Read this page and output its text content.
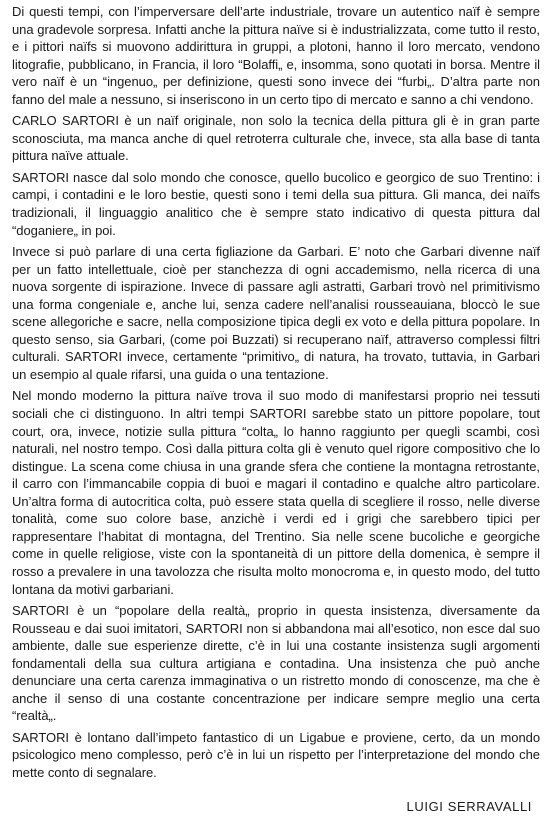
Di questi tempi, con l’imperversare dell’arte industriale, trovare un autentico naïf è sempre una gradevole sorpresa. Infatti anche la pittura naïve si è industrializzata, come tutto il resto, e i pittori naïfs si muovono addirittura in gruppi, a plotoni, hanno il loro mercato, vendono litografie, pubblicano, in Francia, il loro “Bolaffi„ e, insomma, sono quotati in borsa. Mentre il vero naïf è un “ingenuo„ per definizione, questi sono invece dei “furbi„. D’altra parte non fanno del male a nessuno, si inseriscono in un certo tipo di mercato e sanno a chi vendono.

CARLO SARTORI è un naïf originale, non solo la tecnica della pittura gli è in gran parte sconosciuta, ma manca anche di quel retroterra culturale che, invece, sta alla base di tanta pittura naïve attuale.

SARTORI nasce dal solo mondo che conosce, quello bucolico e georgico de suo Trentino: i campi, i contadini e le loro bestie, questi sono i temi della sua pittura. Gli manca, dei naïfs tradizionali, il linguaggio analitico che è sempre stato indicativo di questa pittura dal “doganiere„ in poi.

Invece si può parlare di una certa figliazione da Garbari. E’ noto che Garbari divenne naïf per un fatto intellettuale, cioè per stanchezza di ogni accademismo, nella ricerca di una nuova sorgente di ispirazione. Invece di passare agli astratti, Garbari trovò nel primitivismo una forma congeniale e, anche lui, senza cadere nell’analisi rousseauiana, bloccò le sue scene allegoriche e sacre, nella composizione tipica degli ex voto e della pittura popolare. In questo senso, sia Garbari, (come poi Buzzati) si recuperano naïf, attraverso complessi filtri culturali. SARTORI invece, certamente “primitivo„ di natura, ha trovato, tuttavia, in Garbari un esempio al quale rifarsi, una guida o una tentazione.

Nel mondo moderno la pittura naïve trova il suo modo di manifestarsi proprio nei tessuti sociali che ci distinguono. In altri tempi SARTORI sarebbe stato un pittore popolare, tout court, ora, invece, notizie sulla pittura “colta„ lo hanno raggiunto per quegli scambi, così naturali, nel nostro tempo. Così dalla pittura colta gli è venuto quel rigore compositivo che lo distingue. La scena come chiusa in una grande sfera che contiene la montagna retrostante, il carro con l’immancabile coppia di buoi e magari il contadino e qualche altro particolare. Un’altra forma di autocritica colta, può essere stata quella di scegliere il rosso, nelle diverse tonalità, come suo colore base, anzichè i verdi ed i grigi che sarebbero tipici per rappresentare l’habitat di montagna, del Trentino. Sia nelle scene bucoliche e georgiche come in quelle religiose, viste con la spontaneità di un pittore della domenica, è sempre il rosso a prevalere in una tavolozza che risulta molto monocroma e, in questo modo, del tutto lontana da motivi garbariani.

SARTORI è un “popolare della realtà„ proprio in questa insistenza, diversamente da Rousseau e dai suoi imitatori, SARTORI non si abbandona mai all’esotico, non esce dal suo ambiente, dalle sue esperienze dirette, c’è in lui una costante insistenza sugli argomenti fondamentali della sua cultura artigiana e contadina. Una insistenza che può anche denunciare una certa carenza immaginativa o un ristretto mondo di conoscenze, ma che è anche il senso di una costante concentrazione per indicare sempre meglio una certa “realtà„.

SARTORI è lontano dall’impeto fantastico di un Ligabue e proviene, certo, da un mondo psicologico meno complesso, però c’è in lui un rispetto per l’interpretazione del mondo che mette conto di segnalare.

LUIGI SERRAVALLI
